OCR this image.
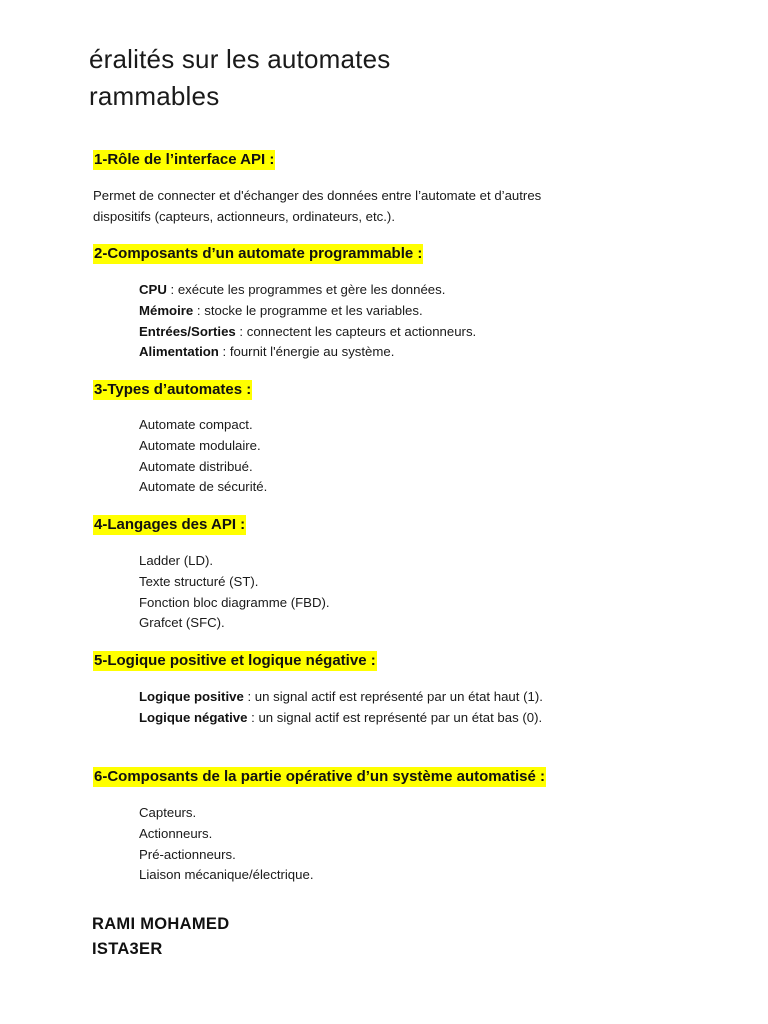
éralités sur les automates
rammables
1-Rôle de l’interface API :
Permet de connecter et d'échanger des données entre l’automate et d’autres
dispositifs (capteurs, actionneurs, ordinateurs, etc.).
2-Composants d’un automate programmable :
CPU : exécute les programmes et gère les données.
Mémoire : stocke le programme et les variables.
Entrées/Sorties : connectent les capteurs et actionneurs.
Alimentation : fournit l'énergie au système.
3-Types d’automates :
Automate compact.
Automate modulaire.
Automate distribué.
Automate de sécurité.
4-Langages des API :
Ladder (LD).
Texte structuré (ST).
Fonction bloc diagramme (FBD).
Grafcet (SFC).
5-Logique positive et logique négative :
Logique positive : un signal actif est représenté par un état haut (1).
Logique négative : un signal actif est représenté par un état bas (0).
6-Composants de la partie opérative d’un système automatisé :
Capteurs.
Actionneurs.
Pré-actionneurs.
Liaison mécanique/électrique.
RAMI MOHAMED
ISTA3ER
